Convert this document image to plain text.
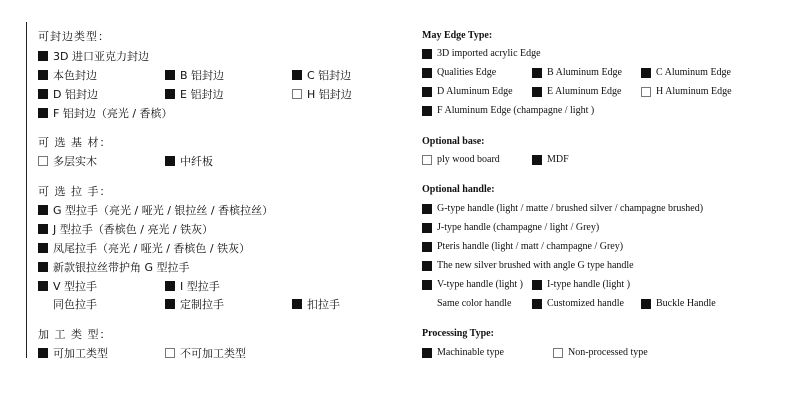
可封边类型：
3D 进口亚克力封边
本色封边	B 铝封边	C 铝封边
D 铝封边	E 铝封边	H 铝封边
F 铝封边（亮光 / 香槟）
可 选 基 材：
多层实木	中纤板
可 选 拉 手：
G 型拉手（亮光 / 哑光 / 银拉丝 / 香槟拉丝）
J 型拉手（香槟色 / 亮光 / 铁灰）
凤尾拉手（亮光 / 哑光 / 香槟色 / 铁灰）
新款银拉丝带护角 G 型拉手
V 型拉手	I 型拉手
同色拉手	定制拉手	扣拉手
加 工 类 型：
可加工类型	不可加工类型
May Edge Type:
3D imported acrylic Edge
Qualities Edge	B Aluminum Edge	C Aluminum Edge
D Aluminum Edge	E Aluminum Edge	H Aluminum Edge
F Aluminum Edge (champagne / light )
Optional base:
ply wood board	MDF
Optional handle:
G-type handle (light / matte / brushed silver / champagne brushed)
J-type handle (champagne / light / Grey)
Pteris handle (light / matt / champagne / Grey)
The new silver brushed with angle G type handle
V-type handle (light ) I-type handle (light )
Same color handle	Customized handle	Buckle Handle
Processing Type:
Machinable type	Non-processed type
